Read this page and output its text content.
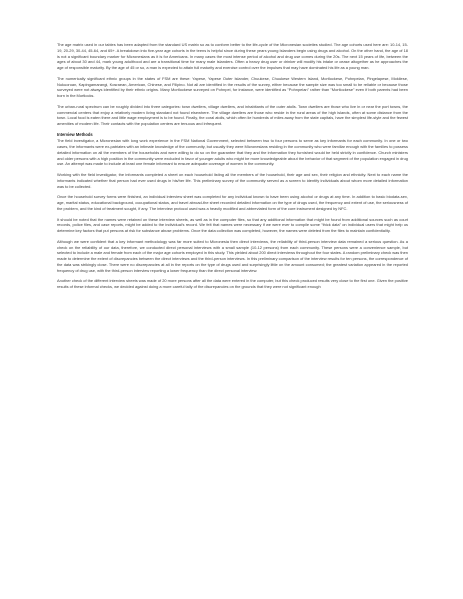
The age matrix used in our tables has been adapted from the standard US matrix so as to conform better to the life-cycle of the Micronesian societies studied. The age cohorts used here are: 10-14, 15-19, 20-29, 30-44, 45-64, and 65+. A breakdown into five-year age cohorts in the teens is helpful since during these years young Islanders begin using drugs and alcohol. On the other hand, the age of 18 is not a significant boundary marker for Micronesians as it is for Americans. In many cases the most intense period of alcohol and drug use comes during the 20s. The next 15 years of life, between the ages of about 30 and 44, mark young adulthood and are a transitional time for many male Islanders. Often a heavy drug user or drinker will modify his intake or cease altogether as he approaches the age of responsible maturity. By the age of 45 or so, a man is expected to attain full maturity and exercise control over the impulses that may have dominated his life as a young man.

The numerically significant ethnic groups in the states of FSM are these: Yapese, Yapese Outer Islander, Chuukese, Chuukese Western Island, Mortlockese, Pohnpeian, Pingelapese, Mokilese, Nukuoroan, Kapingamarangi, Kosraean, American, Chinese, and Filipino. Not all are identified in the results of the survey, either because the sample size was too small to be reliable or because those surveyed were not always identified by their ethnic origins. Many Mortlockese surveyed on Pohnpei, for instance, were identified as "Pohnpeian" rather than "Mortlockese" even if both parents had been born in the Mortlocks.

The urban-rural spectrum can be roughly divided into three categories: town dwellers, village dwellers, and inhabitants of the outer atolls. Town dwellers are those who live in or near the port towns, the commercial centers that enjoy a relatively modern living standard not found elsewhere. The village dwellers are those who reside in the rural areas of the high islands, often at some distance from the town. Local food is eaten there and little wage employment is to be found. Finally, the coral atolls, which often lie hundreds of miles away from the state capitals, have the simplest life-style and the fewest amenities of modern life. Their contacts with the population centers are tenuous and infrequent.

Interview Methods

The field investigator, a Micronesian with long work experience in the FSM National Government, selected between two to four persons to serve as key informants for each community. In one or two cases, the informants were ex-patriates with an intimate knowledge of the community, but usually they were Micronesians residing in the community who were familiar enough with the families to possess detailed information on all the members of the households and were willing to do so on the guarantee that they and the information they furnished would be held strictly in confidence. Church ministers and older persons with a high position in the community were excluded in favor of younger adults who might be more knowledgeable about the behavior of that segment of the population engaged in drug use. An attempt was made to include at least one female informant to ensure adequate coverage of women in the community.

Working with the field investigator, the informants completed a sheet on each household listing all the members of the household, their age and sex, their religion and ethnicity. Next to each name the informants indicated whether that person had ever used drugs in his/her life. This preliminary survey of the community served as a screen to identify individuals about whom more detailed information was to be collected.

Once the household survey forms were finished, an individual interview sheet was completed for any individual known to have been using alcohol or drugs at any time. In addition to basic biodata-sex, age, marital status, educational background, occupational status, and travel abroad-the sheet recorded detailed information on the type of drugs used, the frequency and extent of use, the seriousness of the problem, and the kind of treatment sought, if any. The interview protocol used was a heavily modified and abbreviated form of the core instrument designed by NFC.

It should be noted that the names were retained on these interview sheets, as well as in the computer files, so that any additional information that might be found from additional sources such as court records, police files, and case reports, might be added to the individual's record. We felt that names were necessary if we were ever to compile some "thick data" on individual users that might help us determine key factors that put persons at risk for substance abuse problems. Once the data collection was completed, however, the names were deleted from the files to maintain confidentiality.

Although we were confident that a key informant methodology was far more suited to Micronesia then direct interviews, the reliability of third-person interview data remained a serious question. As a check on the reliability of our data, therefore, we conducted direct personal interviews with a small sample (10-12 persons) from each community. These persons were a convenience sample, but selected to include a male and female from each of the major age cohorts employed in this study. This yielded about 200 direct interviews throughout the four states. A random preliminary check was then made to determine the extent of discrepancies between the direct interviews and the third-person interviews. In this preliminary comparison of the interview results for ten persons, the correspondence of the data was strikingly close. There were no discrepancies at all in the reports on the type of drugs used and surprisingly little on the amount consumed; the greatest variation appeared in the reported frequency of drug use, with the third-person interview reporting a lower frequency than the direct personal interview.

Another check of the different interview sheets was made of 20 more persons after all the data were entered in the computer, but this check produced results very close to the first one. Given the positive results of these informal checks, we decided against doing a more careful tally of the discrepancies on the grounds that they were not significant enough
